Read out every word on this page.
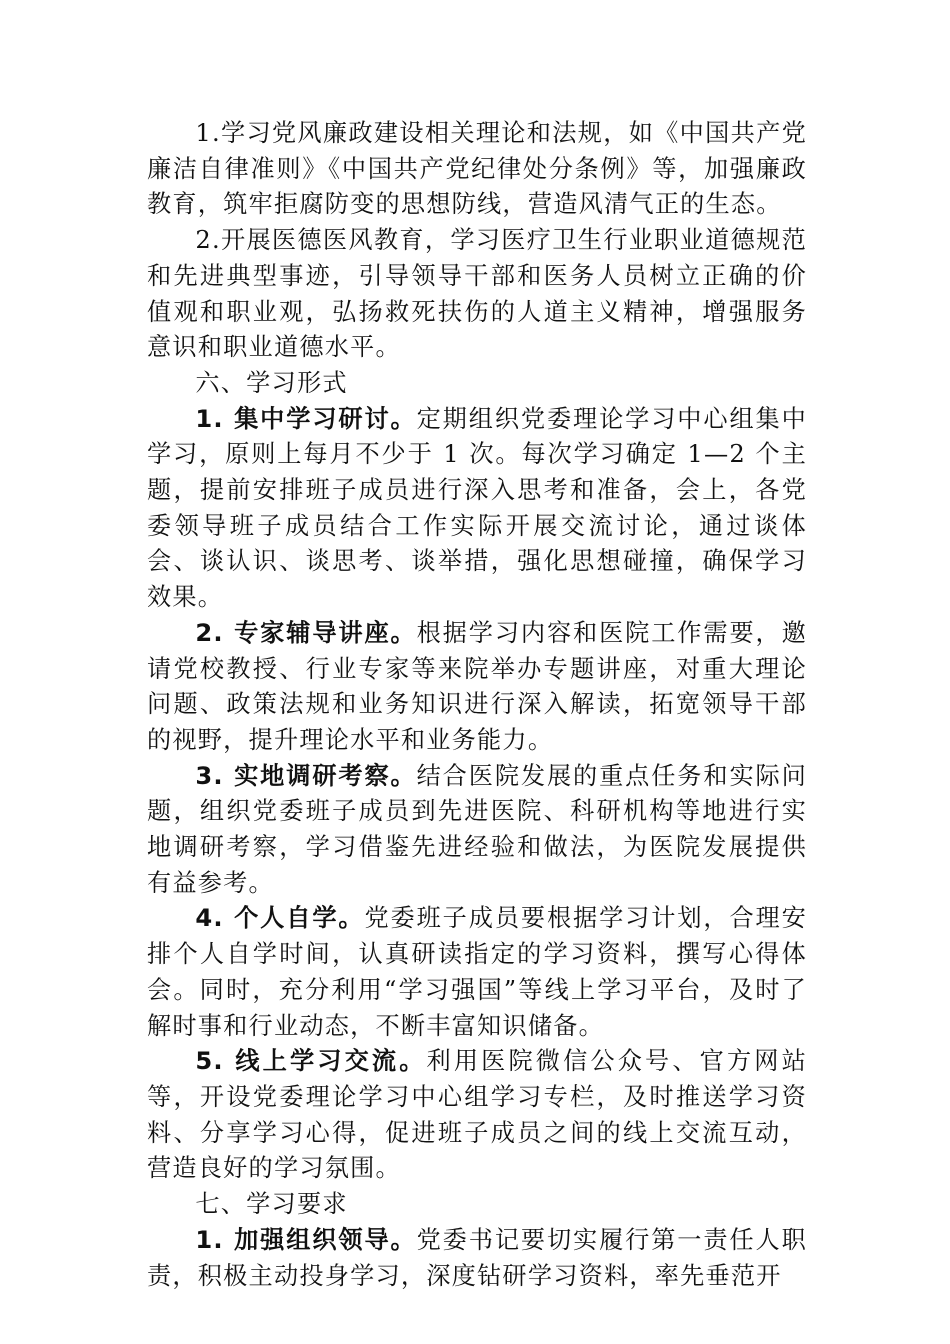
1.学习党风廉政建设相关理论和法规，如《中国共产党廉洁自律准则》《中国共产党纪律处分条例》等，加强廉政教育，筑牢拒腐防变的思想防线，营造风清气正的生态。

2.开展医德医风教育，学习医疗卫生行业职业道德规范和先进典型事迹，引导领导干部和医务人员树立正确的价值观和职业观，弘扬救死扶伤的人道主义精神，增强服务意识和职业道德水平。

六、学习形式

1. 集中学习研讨。定期组织党委理论学习中心组集中学习，原则上每月不少于 1 次。每次学习确定 1—2 个主题，提前安排班子成员进行深入思考和准备，会上，各党委领导班子成员结合工作实际开展交流讨论，通过谈体会、谈认识、谈思考、谈举措，强化思想碰撞，确保学习效果。

2. 专家辅导讲座。根据学习内容和医院工作需要，邀请党校教授、行业专家等来院举办专题讲座，对重大理论问题、政策法规和业务知识进行深入解读，拓宽领导干部的视野，提升理论水平和业务能力。

3. 实地调研考察。结合医院发展的重点任务和实际问题，组织党委班子成员到先进医院、科研机构等地进行实地调研考察，学习借鉴先进经验和做法，为医院发展提供有益参考。

4. 个人自学。党委班子成员要根据学习计划，合理安排个人自学时间，认真研读指定的学习资料，撰写心得体会。同时，充分利用“学习强国”等线上学习平台，及时了解时事和行业动态，不断丰富知识储备。

5. 线上学习交流。利用医院微信公众号、官方网站等，开设党委理论学习中心组学习专栏，及时推送学习资料、分享学习心得，促进班子成员之间的线上交流互动，营造良好的学习氛围。

七、学习要求

1. 加强组织领导。党委书记要切实履行第一责任人职责，积极主动投身学习，深度钻研学习资料，率先垂范开
